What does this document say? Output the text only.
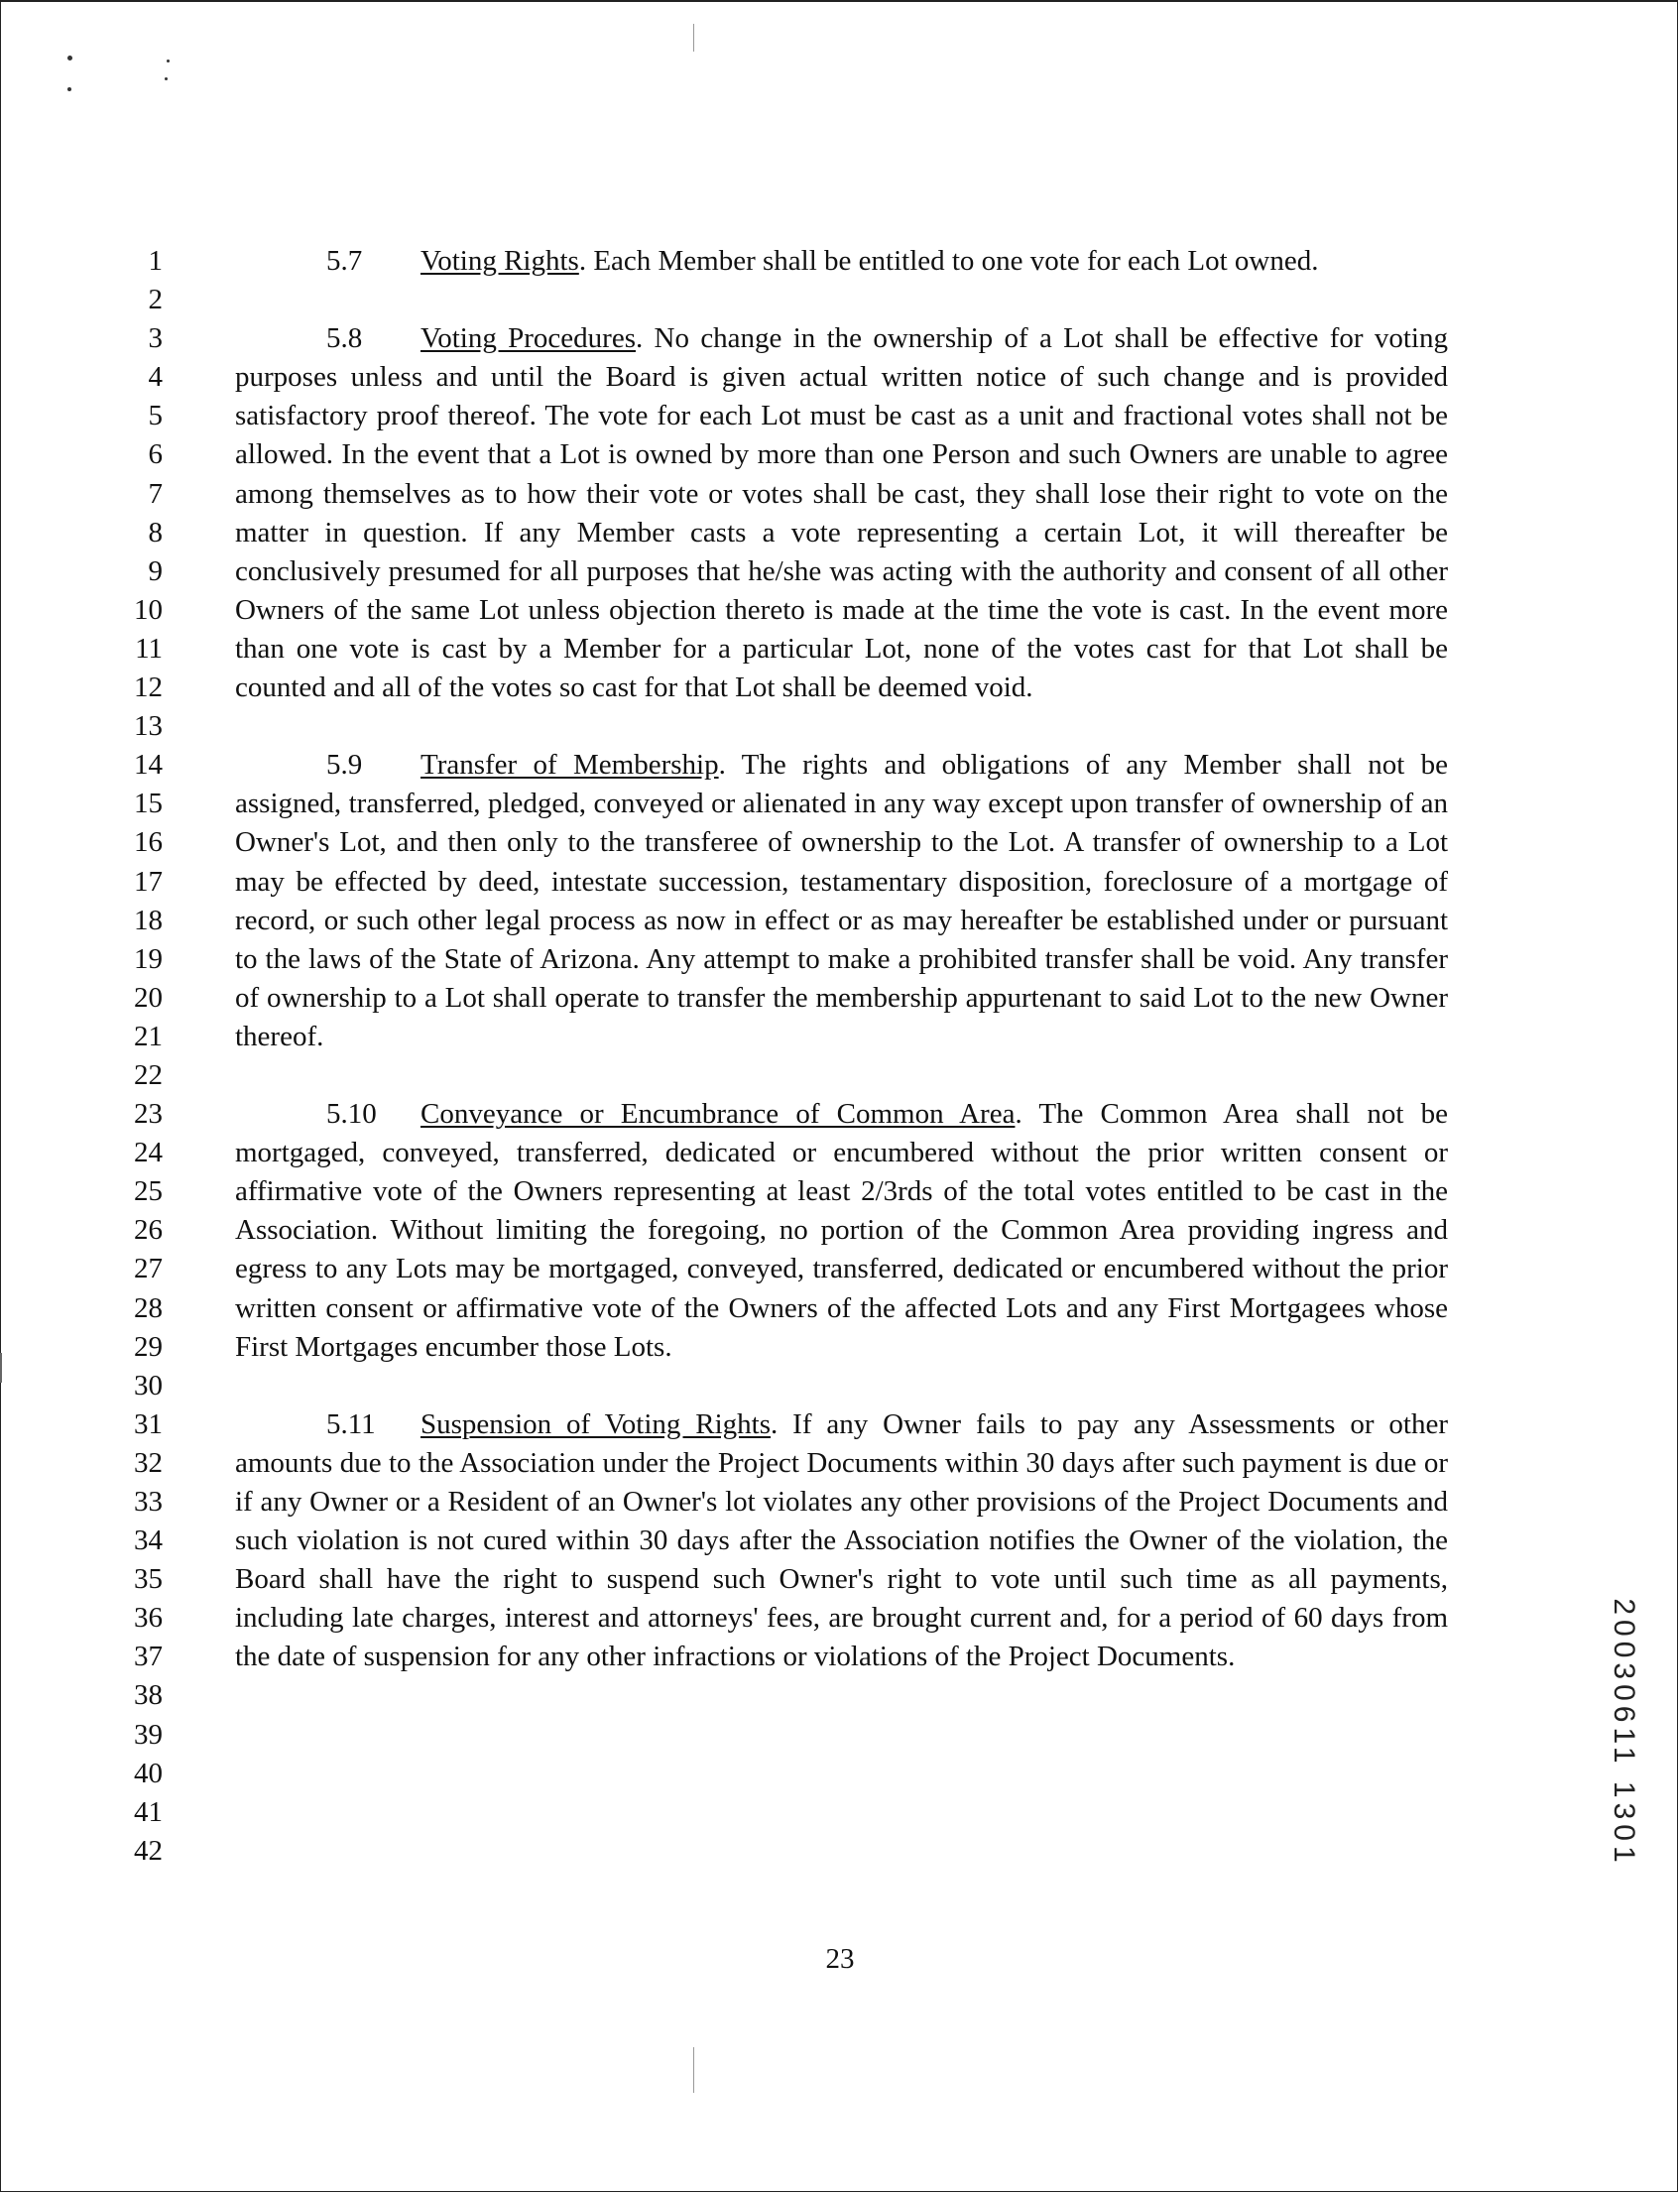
1
2
3
4
5
6
7
8
9
10
11
12
13
14
15
16
17
18
19
20
21
22
23
24
25
26
27
28
29
30
31
32
33
34
35
36
37
38
39
40
41
42

5.7 Voting Rights. Each Member shall be entitled to one vote for each Lot owned.

5.8 Voting Procedures. No change in the ownership of a Lot shall be effective for voting purposes unless and until the Board is given actual written notice of such change and is provided satisfactory proof thereof. The vote for each Lot must be cast as a unit and fractional votes shall not be allowed. In the event that a Lot is owned by more than one Person and such Owners are unable to agree among themselves as to how their vote or votes shall be cast, they shall lose their right to vote on the matter in question. If any Member casts a vote representing a certain Lot, it will thereafter be conclusively presumed for all purposes that he/she was acting with the authority and consent of all other Owners of the same Lot unless objection thereto is made at the time the vote is cast. In the event more than one vote is cast by a Member for a particular Lot, none of the votes cast for that Lot shall be counted and all of the votes so cast for that Lot shall be deemed void.

5.9 Transfer of Membership. The rights and obligations of any Member shall not be assigned, transferred, pledged, conveyed or alienated in any way except upon transfer of ownership of an Owner's Lot, and then only to the transferee of ownership to the Lot. A transfer of ownership to a Lot may be effected by deed, intestate succession, testamentary disposition, foreclosure of a mortgage of record, or such other legal process as now in effect or as may hereafter be established under or pursuant to the laws of the State of Arizona. Any attempt to make a prohibited transfer shall be void. Any transfer of ownership to a Lot shall operate to transfer the membership appurtenant to said Lot to the new Owner thereof.

5.10 Conveyance or Encumbrance of Common Area. The Common Area shall not be mortgaged, conveyed, transferred, dedicated or encumbered without the prior written consent or affirmative vote of the Owners representing at least 2/3rds of the total votes entitled to be cast in the Association. Without limiting the foregoing, no portion of the Common Area providing ingress and egress to any Lots may be mortgaged, conveyed, transferred, dedicated or encumbered without the prior written consent or affirmative vote of the Owners of the affected Lots and any First Mortgagees whose First Mortgages encumber those Lots.

5.11 Suspension of Voting Rights. If any Owner fails to pay any Assessments or other amounts due to the Association under the Project Documents within 30 days after such payment is due or if any Owner or a Resident of an Owner's lot violates any other provisions of the Project Documents and such violation is not cured within 30 days after the Association notifies the Owner of the violation, the Board shall have the right to suspend such Owner's right to vote until such time as all payments, including late charges, interest and attorneys' fees, are brought current and, for a period of 60 days from the date of suspension for any other infractions or violations of the Project Documents.

23
20030611 1301
